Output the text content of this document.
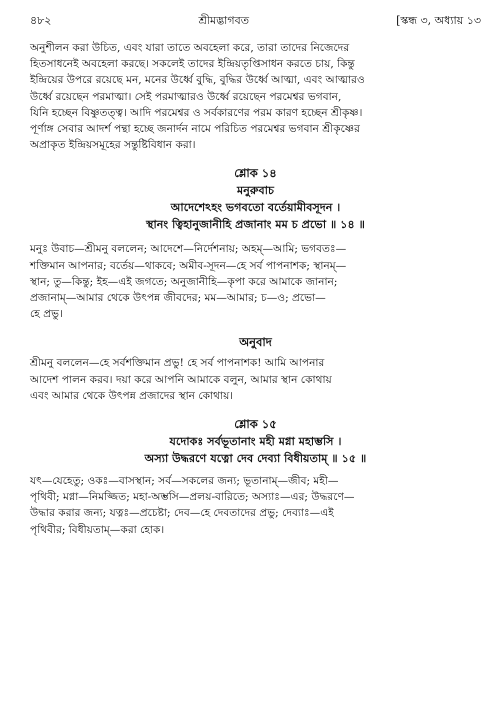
৪৮২	শ্রীমদ্ভাগবত	[স্কন্ধ ৩, অধ্যায় ১৩

অনুশীলন করা উচিত, এবং যারা তাতে অবহেলা করে, তারা তাদের নিজেদের
হিতসাধনেই অবহেলা করছে। সকলেই তাদের ইন্দ্রিয়তৃপ্তিসাধন করতে চায়, কিন্তু
ইন্দ্রিয়ের উপরে রয়েছে মন, মনের উর্ধ্বে বুদ্ধি, বুদ্ধির উর্ধ্বে আত্মা, এবং আত্মারও
উর্ধ্বে রয়েছেন পরমাত্মা। সেই পরমাত্মারও উর্ধ্বে রয়েছেন পরমেশ্বর ভগবান,
যিনি হচ্ছেন বিষ্ণুতত্ত্ব। আদি পরমেশ্বর ও সর্বকারণের পরম কারণ হচ্ছেন শ্রীকৃষ্ণ।
পূর্ণাঙ্গ সেবার আদর্শ পন্থা হচ্ছে জনার্দন নামে পরিচিত পরমেশ্বর ভগবান শ্রীকৃষ্ণের
অপ্রাকৃত ইন্দ্রিয়সমূহের সন্তুষ্টিবিধান করা।

শ্লোক ১৪
মনুরুবাচ
আদেশেঽহং ভগবতো বর্তেয়ামীবসূদন ।
স্থানং ত্বিহানুজানীহি প্রজানাং মম চ প্রভো ॥ ১৪ ॥

মনুঃ উবাচ—শ্রীমনু বললেন; আদেশে—নির্দেশনায়; অহম্—আমি; ভগবতঃ—
শক্তিমান আপনার; বর্তেয়—থাকবে; অমীব-সূদন—হে সর্ব পাপনাশক; স্থানম্—
স্থান; তু—কিন্তু; ইহ—এই জগতে; অনুজানীহি—কৃপা করে আমাকে জানান;
প্রজানাম্—আমার থেকে উৎপন্ন জীবদের; মম—আমার; চ—ও; প্রভো—
হে প্রভু।

অনুবাদ

শ্রীমনু বললেন—হে সর্বশক্তিমান প্রভু! হে সর্ব পাপনাশক! আমি আপনার
আদেশ পালন করব। দয়া করে আপনি আমাকে বলুন, আমার স্থান কোথায়
এবং আমার থেকে উৎপন্ন প্রজাদের স্থান কোথায়।

শ্লোক ১৫
যদোকঃ সর্বভূতানাং মহী মগ্না মহাম্ভসি ।
অস্যা উদ্ধরণে যত্নো দেব দেব্যা বিধীয়তাম্ ॥ ১৫ ॥

যৎ—যেহেতু; ওকঃ—বাসস্থান; সর্ব—সকলের জন্য; ভূতানাম্—জীব; মহী—
পৃথিবী; মগ্না—নিমজ্জিত; মহা-অম্ভসি—প্রলয়-বারিতে; অস্যাঃ—এর; উদ্ধরণে—
উদ্ধার করার জন্য; যত্নঃ—প্রচেষ্টা; দেব—হে দেবতাদের প্রভু; দেব্যাঃ—এই
পৃথিবীর; বিধীয়তাম্—করা হোক।
